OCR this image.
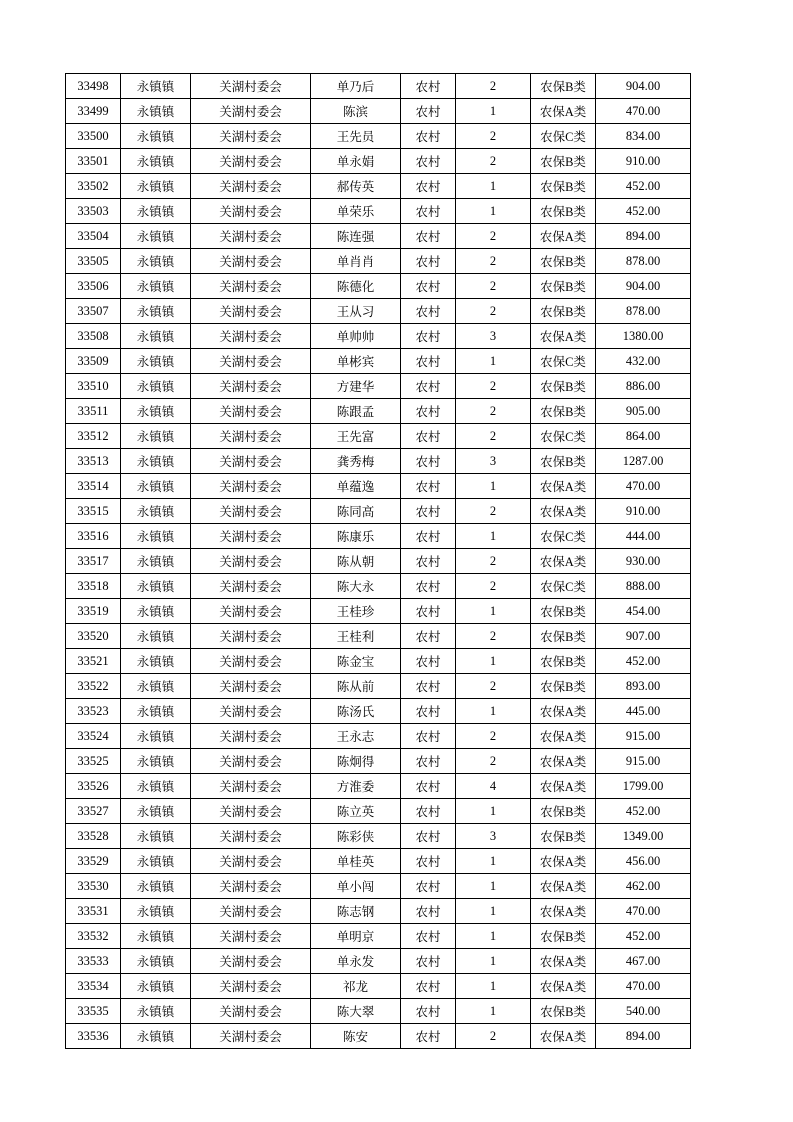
33498	永镇镇	关湖村委会	单乃后	农村	2	农保B类	904.00
33499	永镇镇	关湖村委会	陈滨	农村	1	农保A类	470.00
33500	永镇镇	关湖村委会	王先员	农村	2	农保C类	834.00
33501	永镇镇	关湖村委会	单永娟	农村	2	农保B类	910.00
33502	永镇镇	关湖村委会	郝传英	农村	1	农保B类	452.00
33503	永镇镇	关湖村委会	单荣乐	农村	1	农保B类	452.00
33504	永镇镇	关湖村委会	陈连强	农村	2	农保A类	894.00
33505	永镇镇	关湖村委会	单肖肖	农村	2	农保B类	878.00
33506	永镇镇	关湖村委会	陈德化	农村	2	农保B类	904.00
33507	永镇镇	关湖村委会	王从习	农村	2	农保B类	878.00
33508	永镇镇	关湖村委会	单帅帅	农村	3	农保A类	1380.00
33509	永镇镇	关湖村委会	单彬宾	农村	1	农保C类	432.00
33510	永镇镇	关湖村委会	方建华	农村	2	农保B类	886.00
33511	永镇镇	关湖村委会	陈跟孟	农村	2	农保B类	905.00
33512	永镇镇	关湖村委会	王先富	农村	2	农保C类	864.00
33513	永镇镇	关湖村委会	龚秀梅	农村	3	农保B类	1287.00
33514	永镇镇	关湖村委会	单蕴逸	农村	1	农保A类	470.00
33515	永镇镇	关湖村委会	陈同高	农村	2	农保A类	910.00
33516	永镇镇	关湖村委会	陈康乐	农村	1	农保C类	444.00
33517	永镇镇	关湖村委会	陈从朝	农村	2	农保A类	930.00
33518	永镇镇	关湖村委会	陈大永	农村	2	农保C类	888.00
33519	永镇镇	关湖村委会	王桂珍	农村	1	农保B类	454.00
33520	永镇镇	关湖村委会	王桂利	农村	2	农保B类	907.00
33521	永镇镇	关湖村委会	陈金宝	农村	1	农保B类	452.00
33522	永镇镇	关湖村委会	陈从前	农村	2	农保B类	893.00
33523	永镇镇	关湖村委会	陈汤氏	农村	1	农保A类	445.00
33524	永镇镇	关湖村委会	王永志	农村	2	农保A类	915.00
33525	永镇镇	关湖村委会	陈炯得	农村	2	农保A类	915.00
33526	永镇镇	关湖村委会	方淮委	农村	4	农保A类	1799.00
33527	永镇镇	关湖村委会	陈立英	农村	1	农保B类	452.00
33528	永镇镇	关湖村委会	陈彩侠	农村	3	农保B类	1349.00
33529	永镇镇	关湖村委会	单桂英	农村	1	农保A类	456.00
33530	永镇镇	关湖村委会	单小闯	农村	1	农保A类	462.00
33531	永镇镇	关湖村委会	陈志钢	农村	1	农保A类	470.00
33532	永镇镇	关湖村委会	单明京	农村	1	农保B类	452.00
33533	永镇镇	关湖村委会	单永发	农村	1	农保A类	467.00
33534	永镇镇	关湖村委会	祁龙	农村	1	农保A类	470.00
33535	永镇镇	关湖村委会	陈大翠	农村	1	农保B类	540.00
33536	永镇镇	关湖村委会	陈安	农村	2	农保A类	894.00
